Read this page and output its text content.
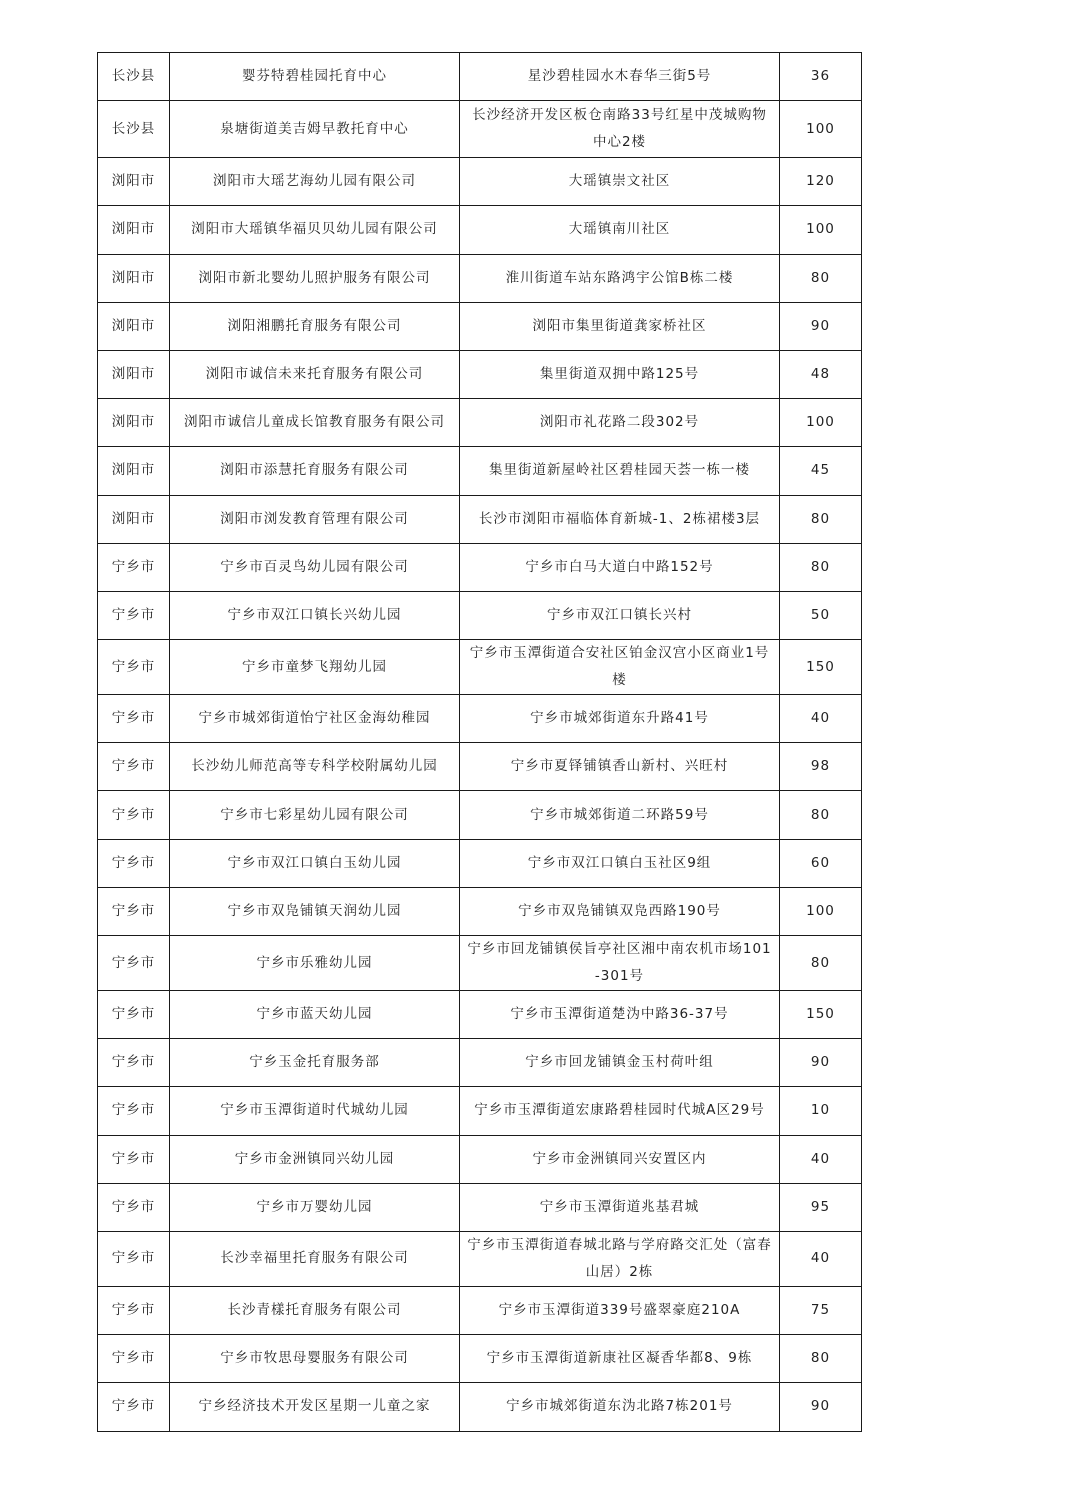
长沙县	婴芬特碧桂园托育中心	星沙碧桂园水木春华三街5号	36
长沙县	泉塘街道美吉姆早教托育中心	长沙经济开发区板仓南路33号红星中茂城购物中心2楼	100
浏阳市	浏阳市大瑶艺海幼儿园有限公司	大瑶镇崇文社区	120
浏阳市	浏阳市大瑶镇华福贝贝幼儿园有限公司	大瑶镇南川社区	100
浏阳市	浏阳市新北婴幼儿照护服务有限公司	淮川街道车站东路鸿宇公馆B栋二楼	80
浏阳市	浏阳湘鹏托育服务有限公司	浏阳市集里街道龚家桥社区	90
浏阳市	浏阳市诚信未来托育服务有限公司	集里街道双拥中路125号	48
浏阳市	浏阳市诚信儿童成长馆教育服务有限公司	浏阳市礼花路二段302号	100
浏阳市	浏阳市添慧托育服务有限公司	集里街道新屋岭社区碧桂园天荟一栋一楼	45
浏阳市	浏阳市浏发教育管理有限公司	长沙市浏阳市福临体育新城-1、2栋裙楼3层	80
宁乡市	宁乡市百灵鸟幼儿园有限公司	宁乡市白马大道白中路152号	80
宁乡市	宁乡市双江口镇长兴幼儿园	宁乡市双江口镇长兴村	50
宁乡市	宁乡市童梦飞翔幼儿园	宁乡市玉潭街道合安社区铂金汉宫小区商业1号楼	150
宁乡市	宁乡市城郊街道怡宁社区金海幼稚园	宁乡市城郊街道东升路41号	40
宁乡市	长沙幼儿师范高等专科学校附属幼儿园	宁乡市夏铎铺镇香山新村、兴旺村	98
宁乡市	宁乡市七彩星幼儿园有限公司	宁乡市城郊街道二环路59号	80
宁乡市	宁乡市双江口镇白玉幼儿园	宁乡市双江口镇白玉社区9组	60
宁乡市	宁乡市双凫铺镇天润幼儿园	宁乡市双凫铺镇双凫西路190号	100
宁乡市	宁乡市乐雅幼儿园	宁乡市回龙铺镇侯旨亭社区湘中南农机市场101-301号	80
宁乡市	宁乡市蓝天幼儿园	宁乡市玉潭街道楚沩中路36-37号	150
宁乡市	宁乡玉金托育服务部	宁乡市回龙铺镇金玉村荷叶组	90
宁乡市	宁乡市玉潭街道时代城幼儿园	宁乡市玉潭街道宏康路碧桂园时代城A区29号	10
宁乡市	宁乡市金洲镇同兴幼儿园	宁乡市金洲镇同兴安置区内	40
宁乡市	宁乡市万婴幼儿园	宁乡市玉潭街道兆基君城	95
宁乡市	长沙幸福里托育服务有限公司	宁乡市玉潭街道春城北路与学府路交汇处（富春山居）2栋	40
宁乡市	长沙青樣托育服务有限公司	宁乡市玉潭街道339号盛翠豪庭210A	75
宁乡市	宁乡市牧思母婴服务有限公司	宁乡市玉潭街道新康社区凝香华都8、9栋	80
宁乡市	宁乡经济技术开发区星期一儿童之家	宁乡市城郊街道东沩北路7栋201号	90
